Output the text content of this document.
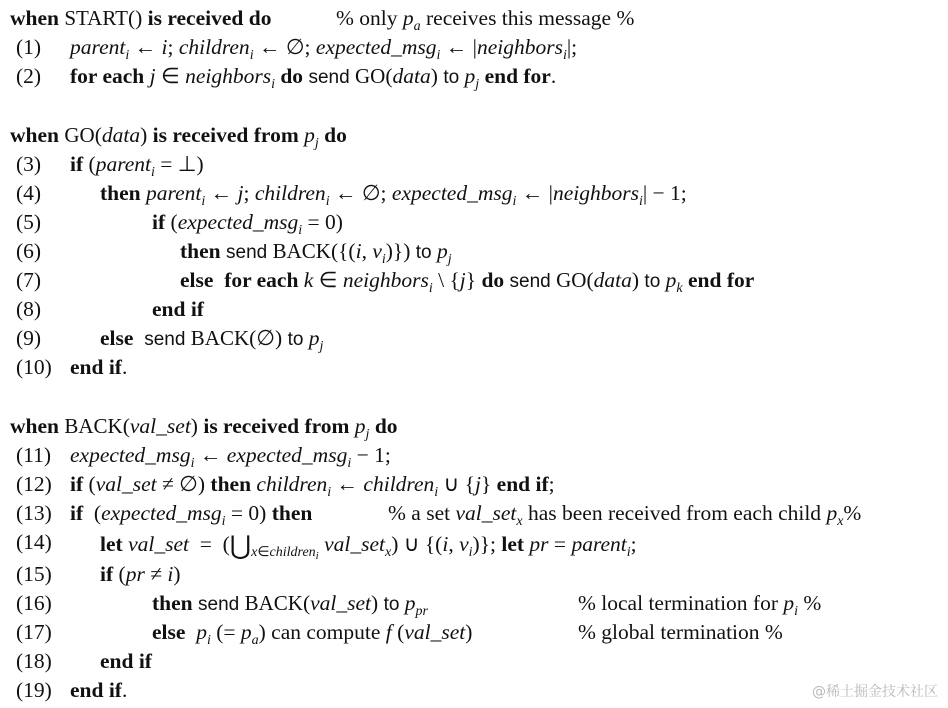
when START() is received do	% only $p_a$ receives this message %
(1) parent$_i$ ← i; children$_i$ ← ∅; expected_msg$_i$ ← |neighbors$_i$|;
(2) for each j ∈ neighbors$_i$ do send GO(data) to $p_j$ end for.
when GO(data) is received from $p_j$ do
(3) if (parent$_i$ = ⊥)
(4)	then parent$_i$ ← j; children$_i$ ← ∅; expected_msg$_i$ ← |neighbors$_i$| − 1;
(5)	if (expected_msg$_i$ = 0)
(6)	then send BACK({(i, $v_i$)}) to $p_j$
(7)	else for each k ∈ neighbors$_i$ \ {j} do send GO(data) to $p_k$ end for
(8)	end if
(9)	else send BACK(∅) to $p_j$
(10) end if.
when BACK(val_set) is received from $p_j$ do
(11) expected_msg$_i$ ← expected_msg$_i$ − 1;
(12) if (val_set ≠ ∅) then children$_i$ ← children$_i$ ∪ {j} end if;
(13) if  (expected_msg$_i$ = 0) then	% a set val_set$_x$ has been received from each child $p_x\%$
(14) let val_set  =  ($⋃_{x\in children_i}$ val_set$_x$) ∪ {(i, $v_i$)}; let pr = parent$_i$;
(15) if (pr ≠ i)
(16)	then send BACK(val_set) to $p_{pr}$	% local termination for $p_i$ %
(17)	else $p_i$ (= $p_a$) can compute f (val_set)	% global termination %
(18) end if
(19) end if.	@稀土掘金技术社区
